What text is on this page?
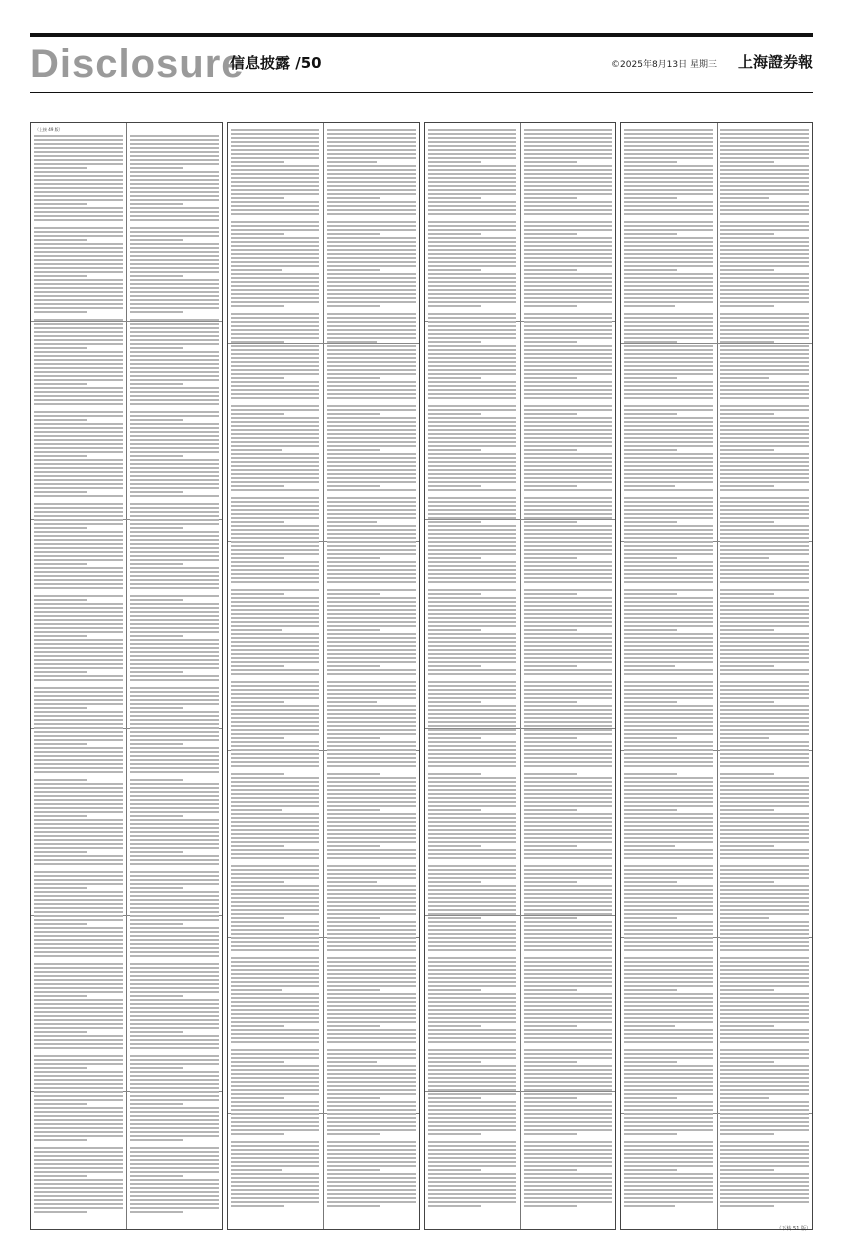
Disclosure
信息披露 /50	©2025年8月13日 星期三 上海證券報
（上接 49 版）
（下转 51 版）
